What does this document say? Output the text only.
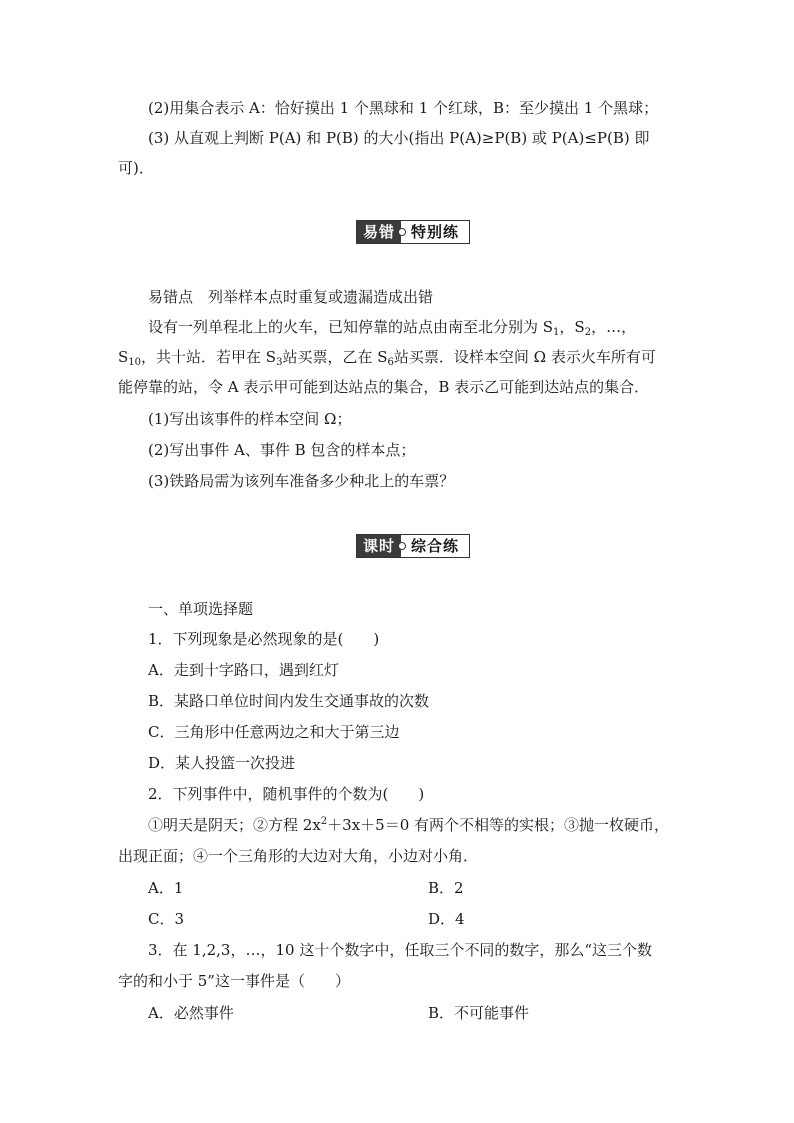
(2)用集合表示 A：恰好摸出 1 个黑球和 1 个红球，B：至少摸出 1 个黑球；
(3) 从直观上判断 P(A) 和 P(B) 的大小(指出 P(A)≥P(B) 或 P(A)≤P(B) 即
可)．
易错	特别练
易错点　列举样本点时重复或遗漏造成出错
设有一列单程北上的火车，已知停靠的站点由南至北分别为 $S_1$，$S_2$，…，
$S_{10}$，共十站．若甲在 $S_3$站买票，乙在 $S_6$站买票．设样本空间 Ω 表示火车所有可
能停靠的站，令 A 表示甲可能到达站点的集合，B 表示乙可能到达站点的集合．
(1)写出该事件的样本空间 Ω；
(2)写出事件 A、事件 B 包含的样本点；
(3)铁路局需为该列车准备多少种北上的车票？
课时	综合练
一、单项选择题
1．下列现象是必然现象的是(　　)
A．走到十字路口，遇到红灯
B．某路口单位时间内发生交通事故的次数
C．三角形中任意两边之和大于第三边
D．某人投篮一次投进
2．下列事件中，随机事件的个数为(　　)
①明天是阴天；②方程 $2x^2+3x+5=0$ 有两个不相等的实根；③抛一枚硬币，
出现正面；④一个三角形的大边对大角，小边对小角．
A．1	B．2
C．3	D．4
3．在 1,2,3，…，10 这十个数字中，任取三个不同的数字，那么“这三个数
字的和小于 5”这一事件是（　　）
A．必然事件	B．不可能事件
